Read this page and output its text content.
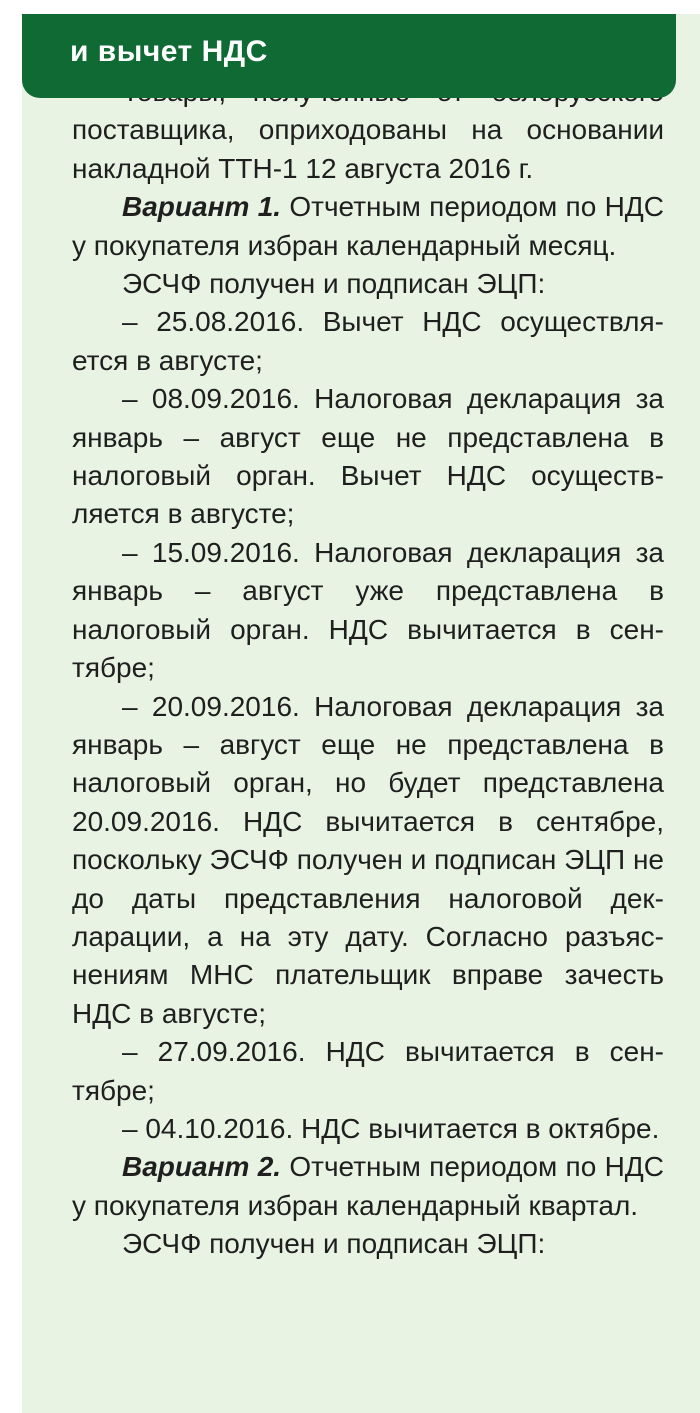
и вычет НДС

поставщика, оприходованы на основании накладной ТТН-1 12 августа 2016 г.

Вариант 1. Отчетным периодом по НДС у покупателя избран календарный месяц.

ЭСЧФ получен и подписан ЭЦП:

– 25.08.2016. Вычет НДС осуществляется в августе;

– 08.09.2016. Налоговая декларация за январь – август еще не представлена в налоговый орган. Вычет НДС осуществляется в августе;

– 15.09.2016. Налоговая декларация за январь – август уже представлена в налоговый орган. НДС вычитается в сентябре;

– 20.09.2016. Налоговая декларация за январь – август еще не представлена в налоговый орган, но будет представлена 20.09.2016. НДС вычитается в сентябре, поскольку ЭСЧФ получен и подписан ЭЦП не до даты представления налоговой декларации, а на эту дату. Согласно разъяснениям МНС плательщик вправе зачесть НДС в августе;

– 27.09.2016. НДС вычитается в сентябре;

– 04.10.2016. НДС вычитается в октябре.

Вариант 2. Отчетным периодом по НДС у покупателя избран календарный квартал.

ЭСЧФ получен и подписан ЭЦП:
